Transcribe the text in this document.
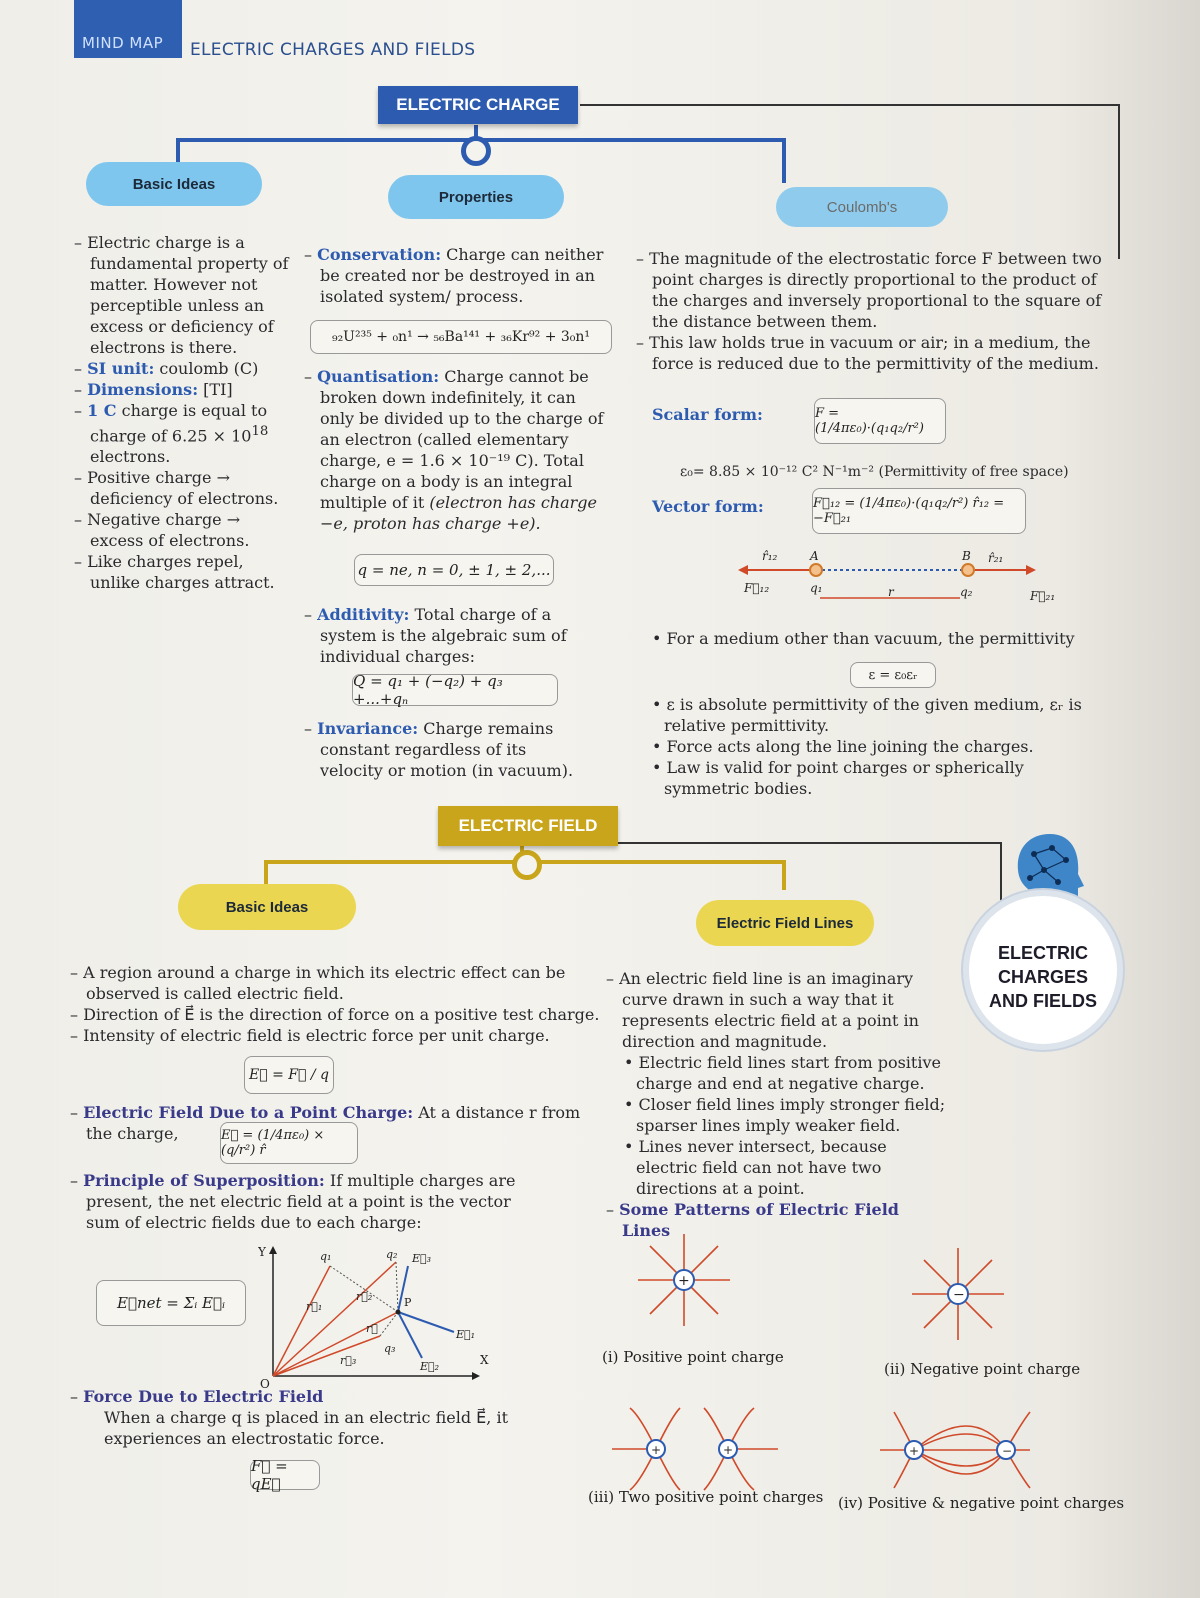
MIND MAP	ELECTRIC CHARGES AND FIELDS
ELECTRIC CHARGE
Basic Ideas
Properties
Coulomb's
– Electric charge is a fundamental property of matter. However not perceptible unless an excess or deficiency of electrons is there.
– SI unit: coulomb (C)
– Dimensions: [TI]
– 1 C charge is equal to charge of $6.25 \times 10^{18}$ electrons.
– Positive charge → deficiency of electrons.
– Negative charge → excess of electrons.
– Like charges repel, unlike charges attract.
– Conservation: Charge can neither be created nor be destroyed in an isolated system/ process.
₉₂U²³⁵ + ₀n¹ → ₅₆Ba¹⁴¹ + ₃₆Kr⁹² + 3₀n¹
– Quantisation: Charge cannot be broken down indefinitely, it can only be divided up to the charge of an electron (called elementary charge, e = 1.6 × 10⁻¹⁹ C). Total charge on a body is an integral multiple of it (electron has charge −e, proton has charge +e).
q = ne, n = 0, ± 1, ± 2,...
– Additivity: Total charge of a system is the algebraic sum of individual charges:
Q = q₁ + (−q₂) + q₃ +...+qₙ
– Invariance: Charge remains constant regardless of its velocity or motion (in vacuum).
– The magnitude of the electrostatic force F between two point charges is directly proportional to the product of the charges and inversely proportional to the square of the distance between them.
– This law holds true in vacuum or air; in a medium, the force is reduced due to the permittivity of the medium.
Scalar form:	F = (1/4πε₀)·(q₁q₂/r²)
ε₀= 8.85 × 10⁻¹² C² N⁻¹m⁻² (Permittivity of free space)
Vector form:	F⃗₁₂ = (1/4πε₀)·(q₁q₂/r²) r̂₁₂ = −F⃗₂₁
r̂₁₂	A
F⃗₁₂	q₁	r
B r̂₂₁
q₂	F⃗₂₁
• For a medium other than vacuum, the permittivity
ε = ε₀εᵣ
• ε is absolute permittivity of the given medium, εᵣ is relative permittivity.
• Force acts along the line joining the charges.
• Law is valid for point charges or spherically symmetric bodies.
ELECTRIC FIELD
Basic Ideas
Electric Field Lines
– A region around a charge in which its electric effect can be observed is called electric field.
– Direction of E⃗ is the direction of force on a positive test charge.
– Intensity of electric field is electric force per unit charge.
E⃗ = F⃗ / q
– Electric Field Due to a Point Charge: At a distance r from the charge,	E⃗ = (1/4πε₀) × (q/r²) r̂
– Principle of Superposition: If multiple charges are present, the net electric field at a point is the vector sum of electric fields due to each charge:
E⃗net = Σᵢ E⃗ᵢ
Y
X
O
q₁	q₂
q₃
P
E⃗₁
E⃗₂
E⃗₃
r⃗₁
r⃗₂
r⃗₃
r⃗
– Force Due to Electric Field
When a charge q is placed in an electric field E⃗, it experiences an electrostatic force.
F⃗ = qE⃗
– An electric field line is an imaginary curve drawn in such a way that it represents electric field at a point in direction and magnitude.
• Electric field lines start from positive charge and end at negative charge.
• Closer field lines imply stronger field; sparser lines imply weaker field.
• Lines never intersect, because electric field can not have two directions at a point.
– Some Patterns of Electric Field Lines
+
(i) Positive point charge
−
(ii) Negative point charge
+	+
(iii) Two positive point charges
+	−
(iv) Positive & negative point charges
ELECTRIC
CHARGES
AND FIELDS
